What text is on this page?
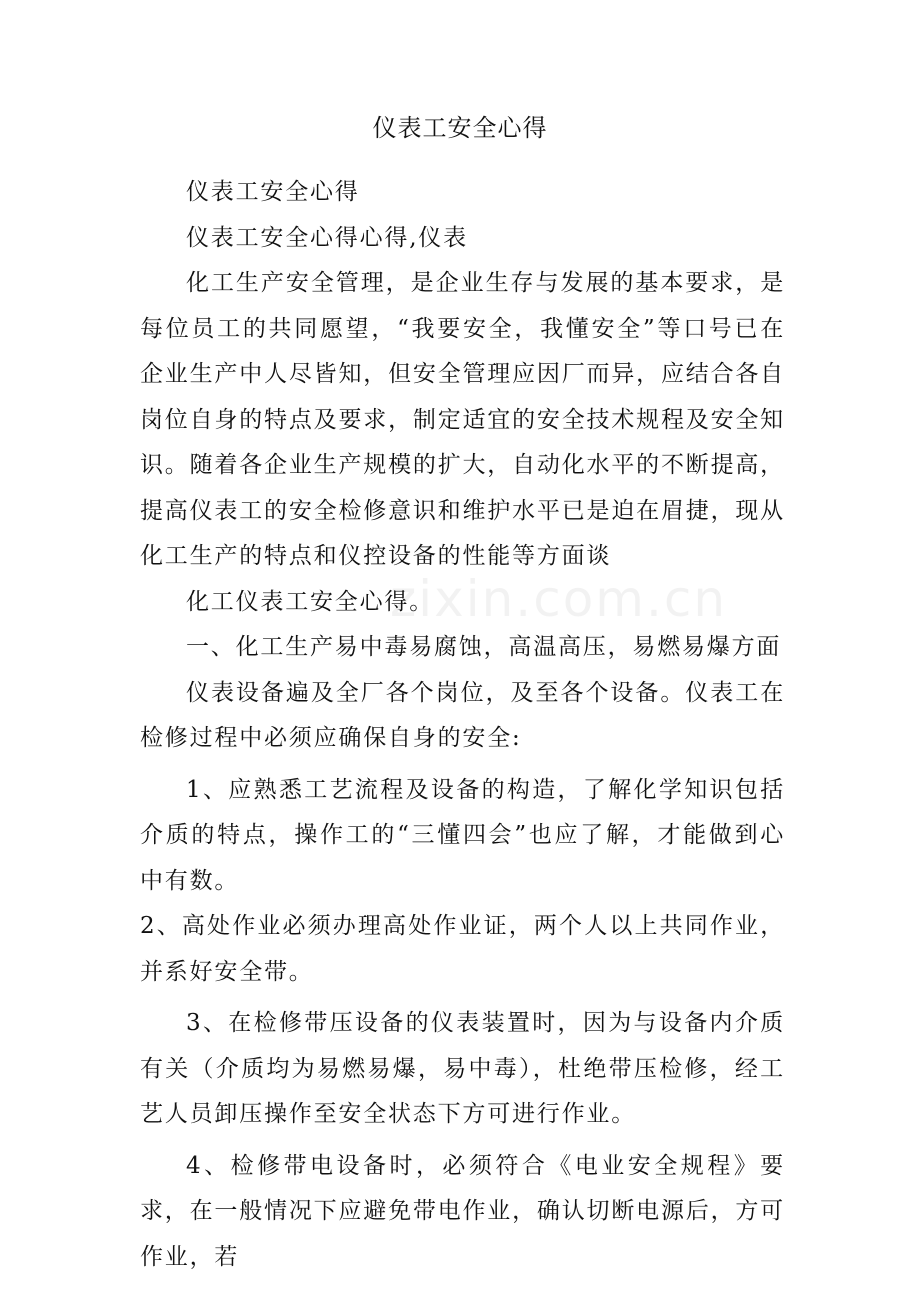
zixin.com.cn
仪表工安全心得

仪表工安全心得

仪表工安全心得心得,仪表

化工生产安全管理，是企业生存与发展的基本要求，是每位员工的共同愿望，“我要安全，我懂安全”等口号已在企业生产中人尽皆知，但安全管理应因厂而异，应结合各自岗位自身的特点及要求，制定适宜的安全技术规程及安全知识。随着各企业生产规模的扩大，自动化水平的不断提高，提高仪表工的安全检修意识和维护水平已是迫在眉捷，现从化工生产的特点和仪控设备的性能等方面谈

化工仪表工安全心得。

一、化工生产易中毒易腐蚀，高温高压，易燃易爆方面

仪表设备遍及全厂各个岗位，及至各个设备。仪表工在检修过程中必须应确保自身的安全:

1、应熟悉工艺流程及设备的构造，了解化学知识包括介质的特点，操作工的“三懂四会”也应了解，才能做到心中有数。

2、高处作业必须办理高处作业证，两个人以上共同作业，并系好安全带。

3、在检修带压设备的仪表装置时，因为与设备内介质有关（介质均为易燃易爆，易中毒），杜绝带压检修，经工艺人员卸压操作至安全状态下方可进行作业。

4、检修带电设备时，必须符合《电业安全规程》要求，在一般情况下应避免带电作业，确认切断电源后，方可作业，若
